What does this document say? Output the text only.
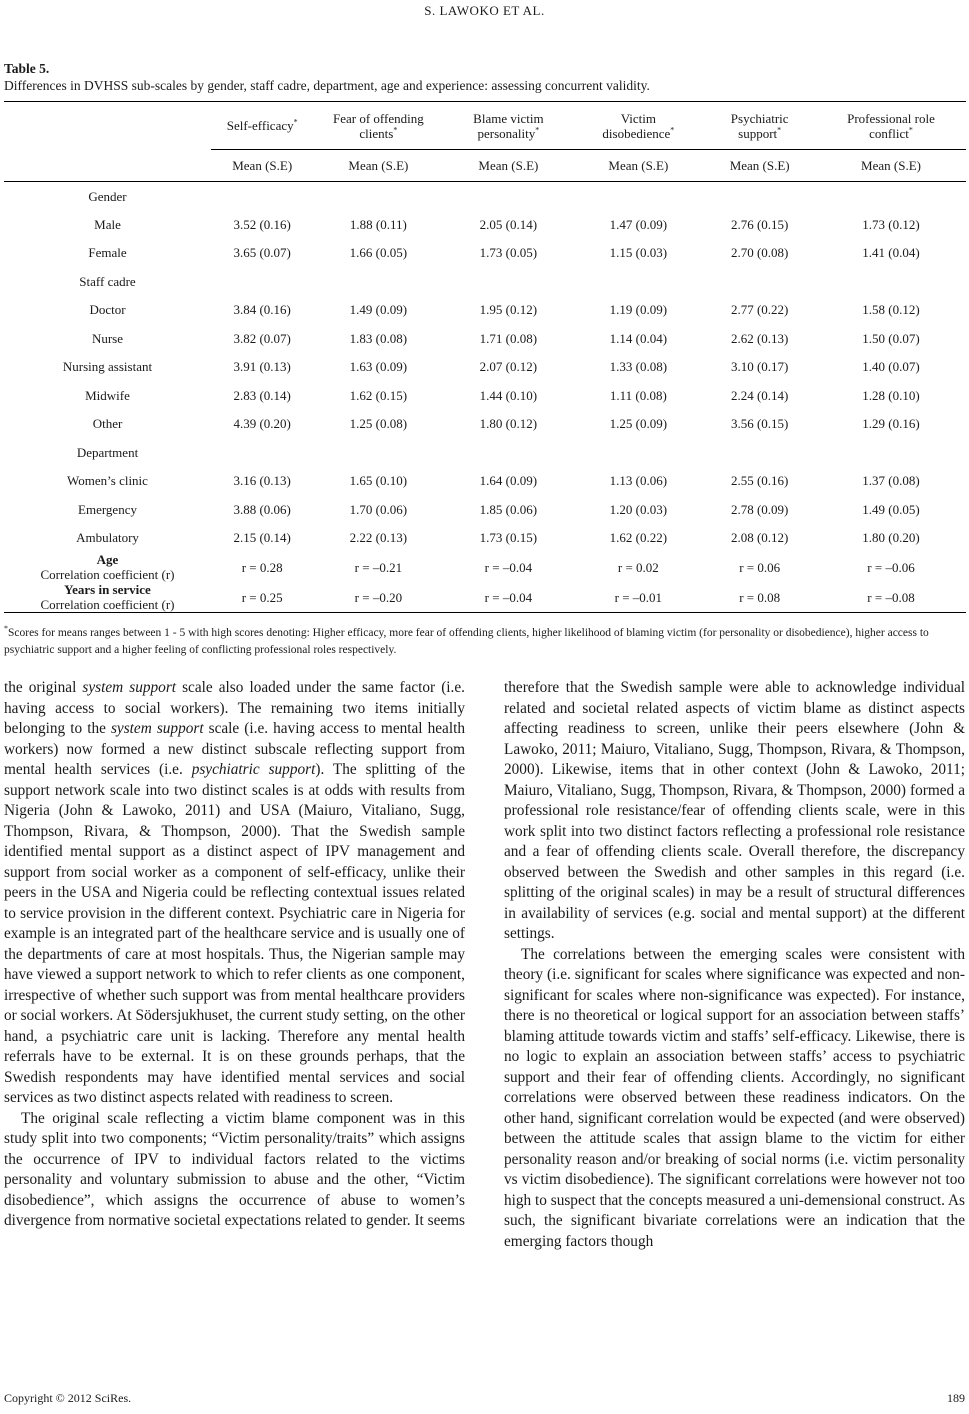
S. LAWOKO ET AL.
Table 5.
Differences in DVHSS sub-scales by gender, staff cadre, department, age and experience: assessing concurrent validity.
	Self-efficacy*	Fear of offending clients*	Blame victim personality*	Victim disobedience*	Psychiatric support*	Professional role conflict*

	Mean (S.E)	Mean (S.E)	Mean (S.E)	Mean (S.E)	Mean (S.E)	Mean (S.E)
Gender						
Male	3.52 (0.16)	1.88 (0.11)	2.05 (0.14)	1.47 (0.09)	2.76 (0.15)	1.73 (0.12)
Female	3.65 (0.07)	1.66 (0.05)	1.73 (0.05)	1.15 (0.03)	2.70 (0.08)	1.41 (0.04)
Staff cadre						
Doctor	3.84 (0.16)	1.49 (0.09)	1.95 (0.12)	1.19 (0.09)	2.77 (0.22)	1.58 (0.12)
Nurse	3.82 (0.07)	1.83 (0.08)	1.71 (0.08)	1.14 (0.04)	2.62 (0.13)	1.50 (0.07)
Nursing assistant	3.91 (0.13)	1.63 (0.09)	2.07 (0.12)	1.33 (0.08)	3.10 (0.17)	1.40 (0.07)
Midwife	2.83 (0.14)	1.62 (0.15)	1.44 (0.10)	1.11 (0.08)	2.24 (0.14)	1.28 (0.10)
Other	4.39 (0.20)	1.25 (0.08)	1.80 (0.12)	1.25 (0.09)	3.56 (0.15)	1.29 (0.16)
Department						
Women’s clinic	3.16 (0.13)	1.65 (0.10)	1.64 (0.09)	1.13 (0.06)	2.55 (0.16)	1.37 (0.08)
Emergency	3.88 (0.06)	1.70 (0.06)	1.85 (0.06)	1.20 (0.03)	2.78 (0.09)	1.49 (0.05)
Ambulatory	2.15 (0.14)	2.22 (0.13)	1.73 (0.15)	1.62 (0.22)	2.08 (0.12)	1.80 (0.20)

Age
Correlation coefficient (r)	r = 0.28	r = –0.21	r = –0.04	r = 0.02	r = 0.06	r = –0.06

Years in service
Correlation coefficient (r)	r = 0.25	r = –0.20	r = –0.04	r = –0.01	r = 0.08	r = –0.08
*Scores for means ranges between 1 - 5 with high scores denoting: Higher efficacy, more fear of offending clients, higher likelihood of blaming victim (for personality or disobedience), higher access to psychiatric support and a higher feeling of conflicting professional roles respectively.

the original system support scale also loaded under the same factor (i.e. having access to social workers). The remaining two items initially belonging to the system support scale (i.e. having access to mental health workers) now formed a new distinct subscale reflecting support from mental health services (i.e. psychiatric support). The splitting of the support network scale into two distinct scales is at odds with results from Nigeria (John & Lawoko, 2011) and USA (Maiuro, Vitaliano, Sugg, Thompson, Rivara, & Thompson, 2000). That the Swedish sample identified mental support as a distinct aspect of IPV management and support from social worker as a component of self-efficacy, unlike their peers in the USA and Nigeria could be reflecting contextual issues related to service provision in the different context. Psychiatric care in Nigeria for example is an integrated part of the healthcare service and is usually one of the departments of care at most hospitals. Thus, the Nigerian sample may have viewed a support network to which to refer clients as one component, irrespective of whether such support was from mental healthcare providers or social workers. At Södersjukhuset, the current study setting, on the other hand, a psychiatric care unit is lacking. Therefore any mental health referrals have to be external. It is on these grounds perhaps, that the Swedish respondents may have identified mental services and social services as two distinct aspects related with readiness to screen.

The original scale reflecting a victim blame component was in this study split into two components; “Victim personality/traits” which assigns the occurrence of IPV to individual factors related to the victims personality and voluntary submission to abuse and the other, “Victim disobedience”, which assigns the occurrence of abuse to women’s divergence from normative societal expectations related to gender. It seems

therefore that the Swedish sample were able to acknowledge individual related and societal related aspects of victim blame as distinct aspects affecting readiness to screen, unlike their peers elsewhere (John & Lawoko, 2011; Maiuro, Vitaliano, Sugg, Thompson, Rivara, & Thompson, 2000). Likewise, items that in other context (John & Lawoko, 2011; Maiuro, Vitaliano, Sugg, Thompson, Rivara, & Thompson, 2000) formed a professional role resistance/fear of offending clients scale, were in this work split into two distinct factors reflecting a professional role resistance and a fear of offending clients scale. Overall therefore, the discrepancy observed between the Swedish and other samples in this regard (i.e. splitting of the original scales) in may be a result of structural differences in availability of services (e.g. social and mental support) at the different settings.

The correlations between the emerging scales were consistent with theory (i.e. significant for scales where significance was expected and non-significant for scales where non-significance was expected). For instance, there is no theoretical or logical support for an association between staffs’ blaming attitude towards victim and staffs’ self-efficacy. Likewise, there is no logic to explain an association between staffs’ access to psychiatric support and their fear of offending clients. Accordingly, no significant correlations were observed between these readiness indicators. On the other hand, significant correlation would be expected (and were observed) between the attitude scales that assign blame to the victim for either personality reason and/or breaking of social norms (i.e. victim personality vs victim disobedience). The significant correlations were however not too high to suspect that the concepts measured a uni-demensional construct. As such, the significant bivariate correlations were an indication that the emerging factors though

Copyright © 2012 SciRes.	189
